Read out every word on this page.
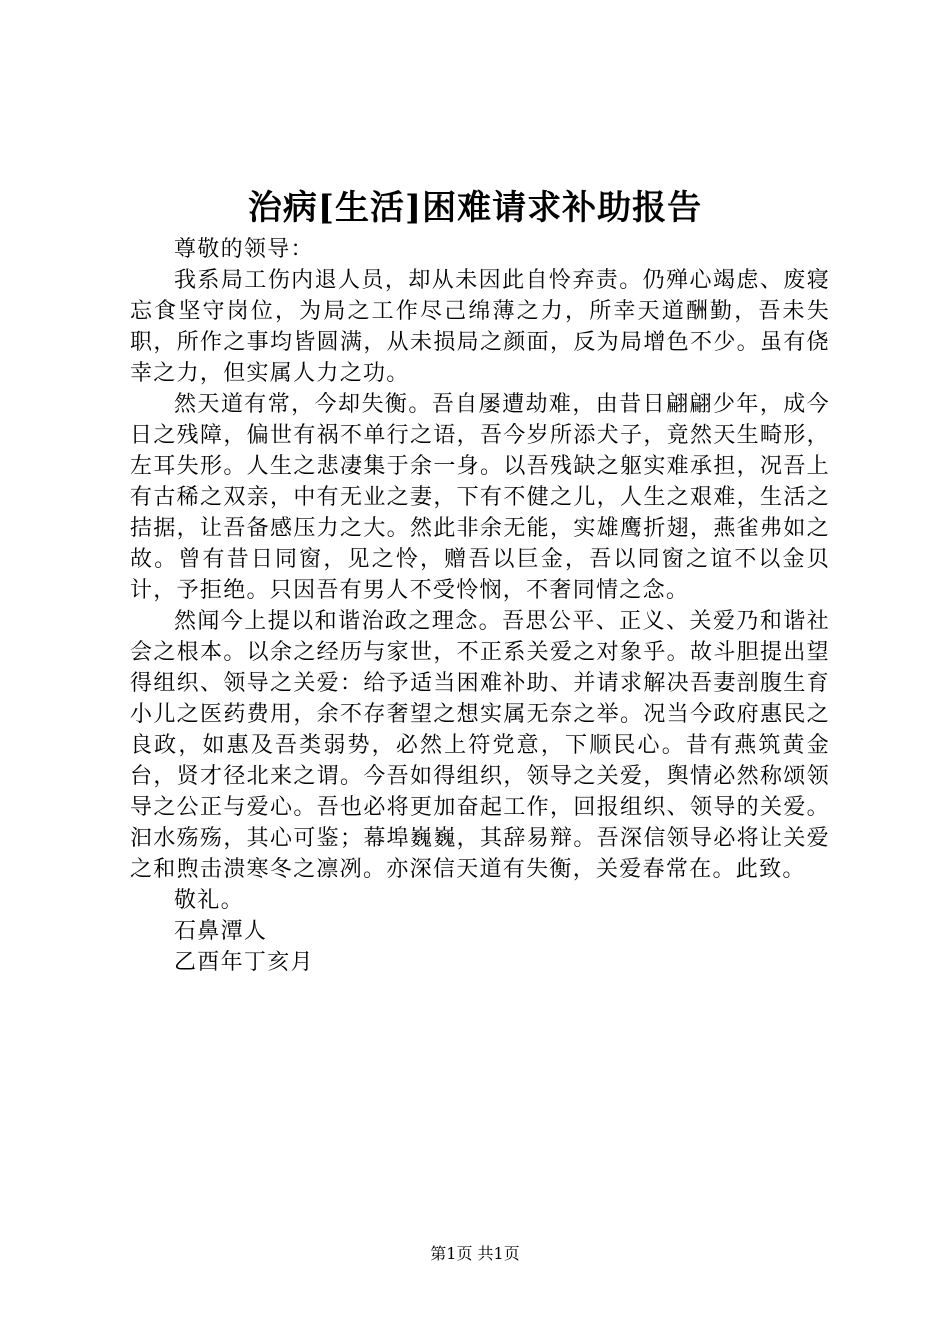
治病[生活]困难请求补助报告
尊敬的领导：

我系局工伤内退人员，却从未因此自怜弃责。仍殚心竭虑、废寝忘食坚守岗位，为局之工作尽己绵薄之力，所幸天道酬勤，吾未失职，所作之事均皆圆满，从未损局之颜面，反为局增色不少。虽有侥幸之力，但实属人力之功。

然天道有常，今却失衡。吾自屡遭劫难，由昔日翩翩少年，成今日之残障，偏世有祸不单行之语，吾今岁所添犬子，竟然天生畸形，左耳失形。人生之悲凄集于余一身。以吾残缺之躯实难承担，况吾上有古稀之双亲，中有无业之妻，下有不健之儿，人生之艰难，生活之拮据，让吾备感压力之大。然此非余无能，实雄鹰折翅，燕雀弗如之故。曾有昔日同窗，见之怜，赠吾以巨金，吾以同窗之谊不以金贝计，予拒绝。只因吾有男人不受怜悯，不奢同情之念。

然闻今上提以和谐治政之理念。吾思公平、正义、关爱乃和谐社会之根本。以余之经历与家世，不正系关爱之对象乎。故斗胆提出望得组织、领导之关爱：给予适当困难补助、并请求解决吾妻剖腹生育小儿之医药费用，余不存奢望之想实属无奈之举。况当今政府惠民之良政，如惠及吾类弱势，必然上符党意，下顺民心。昔有燕筑黄金台，贤才径北来之谓。今吾如得组织，领导之关爱，舆情必然称颂领导之公正与爱心。吾也必将更加奋起工作，回报组织、领导的关爱。汩水殇殇，其心可鉴；幕埠巍巍，其辞易辩。吾深信领导必将让关爱之和煦击溃寒冬之凛冽。亦深信天道有失衡，关爱春常在。此致。

敬礼。
石鼻潭人
乙酉年丁亥月
第1页 共1页
